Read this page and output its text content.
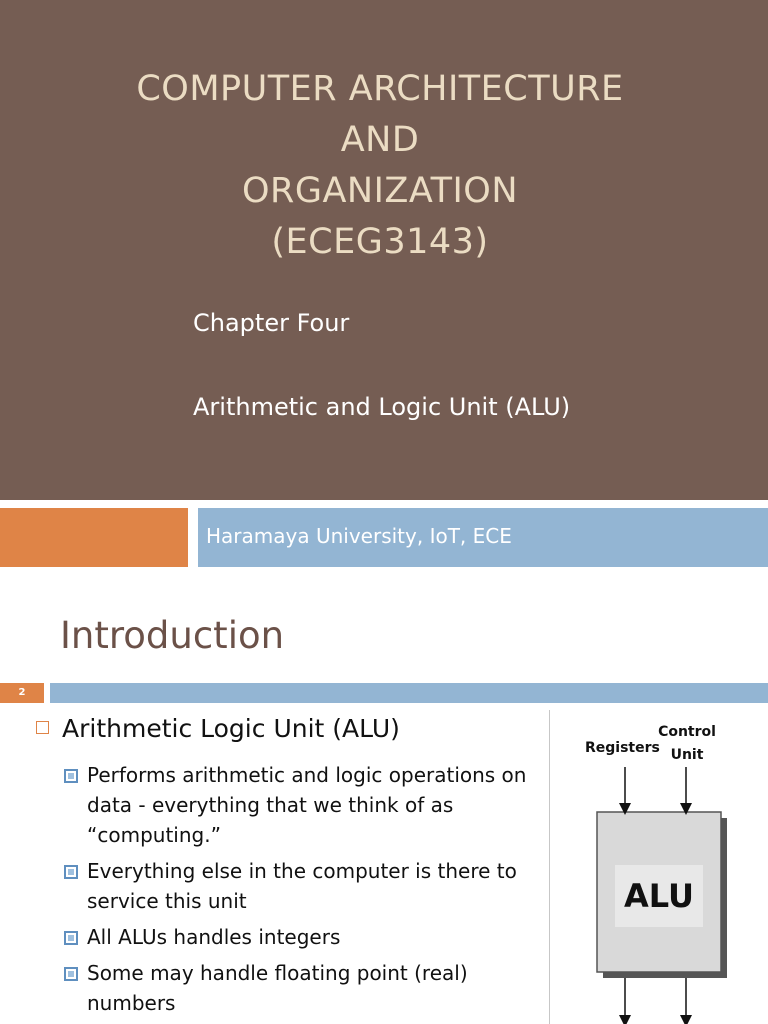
COMPUTER ARCHITECTURE
AND
ORGANIZATION
(ECEG3143)
Chapter Four
Arithmetic and Logic Unit (ALU)
Haramaya University, IoT, ECE
Introduction
2
Arithmetic Logic Unit (ALU)
Performs arithmetic and logic operations on data - everything that we think of as “computing.”
Everything else in the computer is there to service this unit
All ALUs handles integers
Some may handle floating point (real) numbers
Registers
Control Unit
ALU
